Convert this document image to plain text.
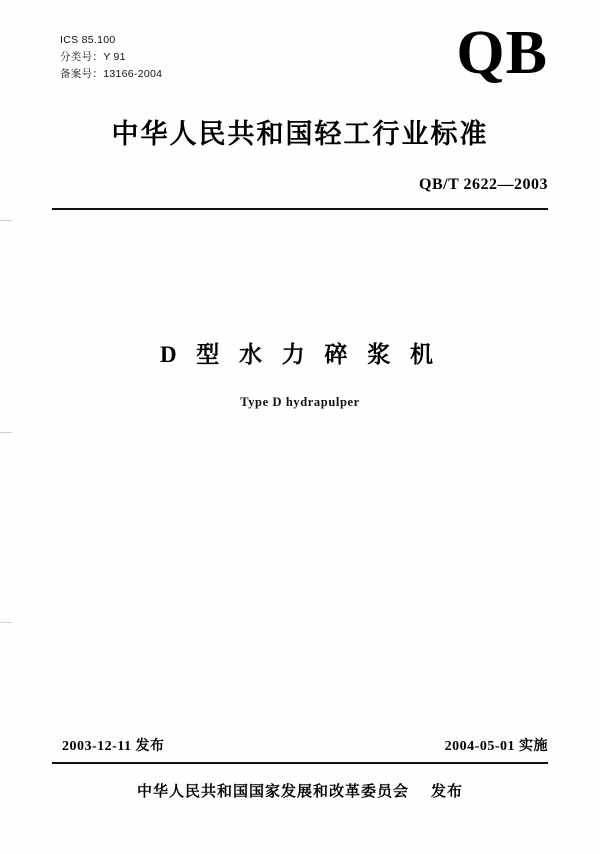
ICS 85.100
分类号：Y 91
备案号：13166-2004	QB
中华人民共和国轻工行业标准
QB/T 2622—2003
D 型 水 力 碎 浆 机
Type D hydrapulper
2003-12-11 发布	2004-05-01 实施
中华人民共和国国家发展和改革委员会 发布
